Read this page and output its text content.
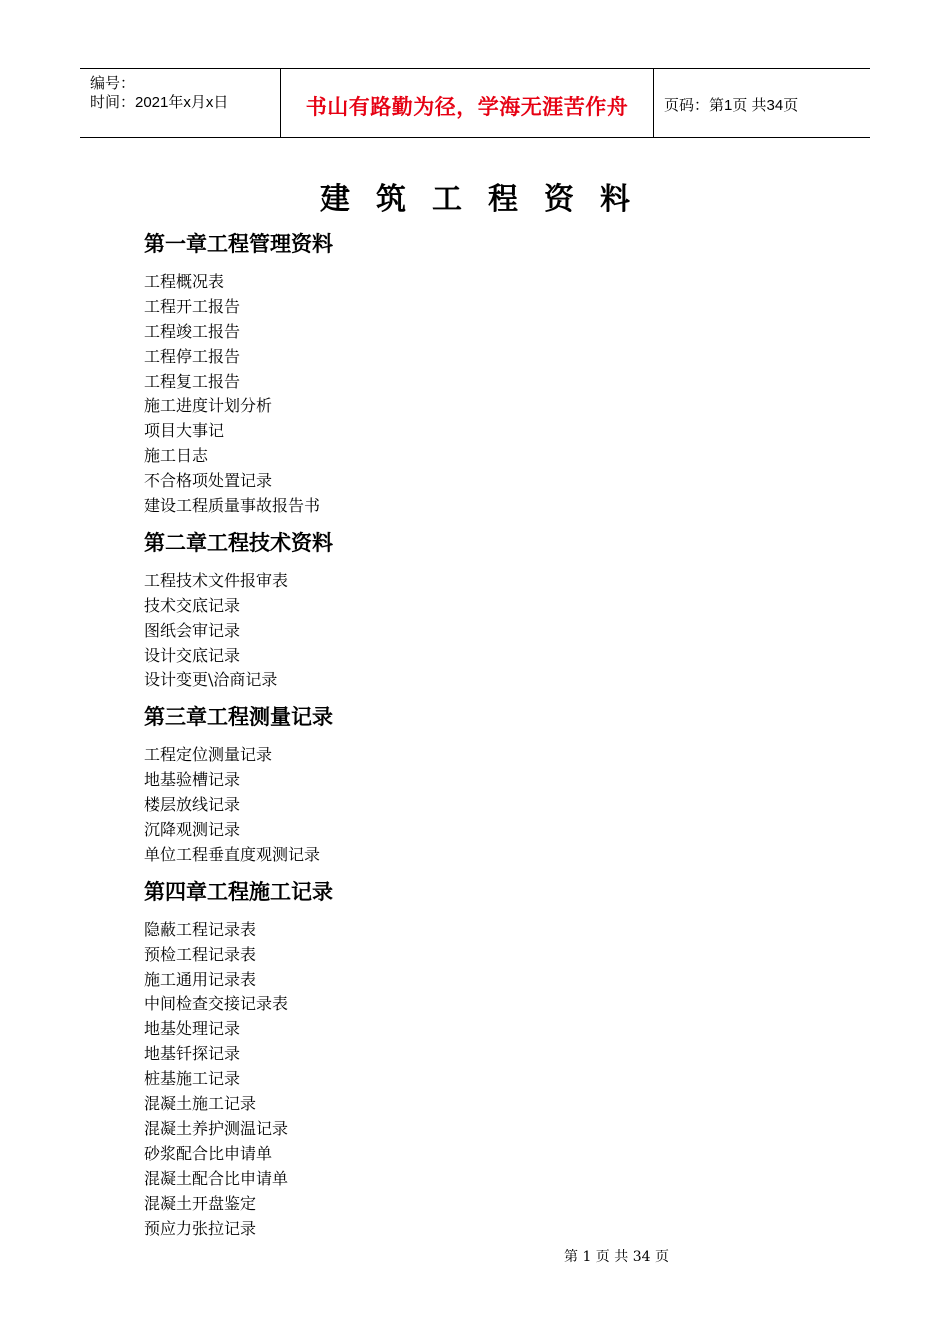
编号：
时间：2021年x月x日	书山有路勤为径，学海无涯苦作舟	页码：第1页 共34页
建筑工程资料
第一章工程管理资料
工程概况表
工程开工报告
工程竣工报告
工程停工报告
工程复工报告
施工进度计划分析
项目大事记
施工日志
不合格项处置记录
建设工程质量事故报告书
第二章工程技术资料
工程技术文件报审表
技术交底记录
图纸会审记录
设计交底记录
设计变更\洽商记录
第三章工程测量记录
工程定位测量记录
地基验槽记录
楼层放线记录
沉降观测记录
单位工程垂直度观测记录
第四章工程施工记录
隐蔽工程记录表
预检工程记录表
施工通用记录表
中间检查交接记录表
地基处理记录
地基钎探记录
桩基施工记录
混凝土施工记录
混凝土养护测温记录
砂浆配合比申请单
混凝土配合比申请单
混凝土开盘鉴定
预应力张拉记录
第 1 页 共 34 页
